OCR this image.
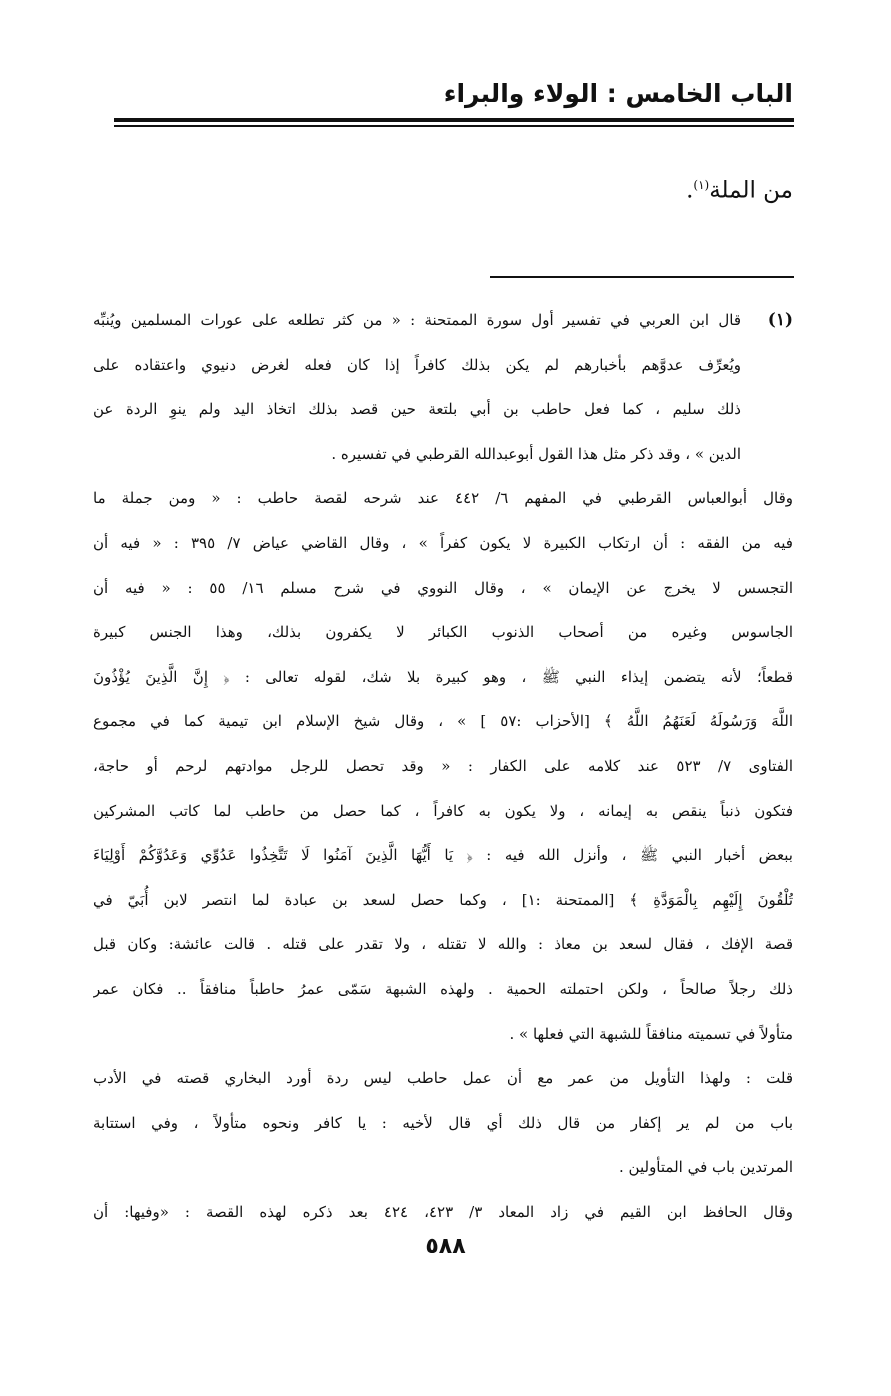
الباب الخامس : الولاء والبراء
من الملة$^{(١)}$.
(١)
قال ابن العربي في تفسير أول سورة الممتحنة : « من كثر تطلعه على عورات المسلمين ويُنبِّه
ويُعرِّف عدوَّهم بأخبارهم لم يكن بذلك كافراً إذا كان فعله لغرض دنيوي واعتقاده على
ذلك سليم ، كما فعل حاطب بن أبي بلتعة حين قصد بذلك اتخاذ اليد ولم ينوِ الردة عن
الدين » ، وقد ذكر مثل هذا القول أبوعبدالله القرطبي في تفسيره .
وقال أبوالعباس القرطبي في المفهم ٦/ ٤٤٢ عند شرحه لقصة حاطب : « ومن جملة ما
فيه من الفقه : أن ارتكاب الكبيرة لا يكون كفراً » ، وقال القاضي عياض ٧/ ٣٩٥ : « فيه أن
التجسس لا يخرج عن الإيمان » ، وقال النووي في شرح مسلم ١٦/ ٥٥ : « فيه أن
الجاسوس وغيره من أصحاب الذنوب الكبائر لا يكفرون بذلك، وهذا الجنس كبيرة
قطعاً؛ لأنه يتضمن إيذاء النبي ﷺ ، وهو كبيرة بلا شك، لقوله تعالى : ﴿ إِنَّ الَّذِينَ يُؤْذُونَ
اللَّهَ وَرَسُولَهُ لَعَنَهُمُ اللَّهُ ﴾ [الأحزاب :٥٧ ] » ، وقال شيخ الإسلام ابن تيمية كما في مجموع
الفتاوى ٧/ ٥٢٣ عند كلامه على الكفار : « وقد تحصل للرجل موادتهم لرحم أو حاجة،
فتكون ذنباً ينقص به إيمانه ، ولا يكون به كافراً ، كما حصل من حاطب لما كاتب المشركين
ببعض أخبار النبي ﷺ ، وأنزل الله فيه : ﴿ يَا أَيُّهَا الَّذِينَ آمَنُوا لَا تَتَّخِذُوا عَدُوِّي وَعَدُوَّكُمْ أَوْلِيَاءَ
تُلْقُونَ إِلَيْهِم بِالْمَوَدَّةِ ﴾ [الممتحنة :١] ، وكما حصل لسعد بن عبادة لما انتصر لابن أُبَيّ في
قصة الإفك ، فقال لسعد بن معاذ : والله لا تقتله ، ولا تقدر على قتله . قالت عائشة: وكان قبل
ذلك رجلاً صالحاً ، ولكن احتملته الحمية . ولهذه الشبهة سَمّى عمرُ حاطباً منافقاً .. فكان عمر
متأولاً في تسميته منافقاً للشبهة التي فعلها » .
قلت : ولهذا التأويل من عمر مع أن عمل حاطب ليس ردة أورد البخاري قصته في الأدب
باب من لم ير إكفار من قال ذلك أي قال لأخيه : يا كافر ونحوه متأولاً ، وفي استتابة
المرتدين باب في المتأولين .
وقال الحافظ ابن القيم في زاد المعاد ٣/ ٤٢٣، ٤٢٤ بعد ذكره لهذه القصة : «وفيها: أن
٥٨٨
